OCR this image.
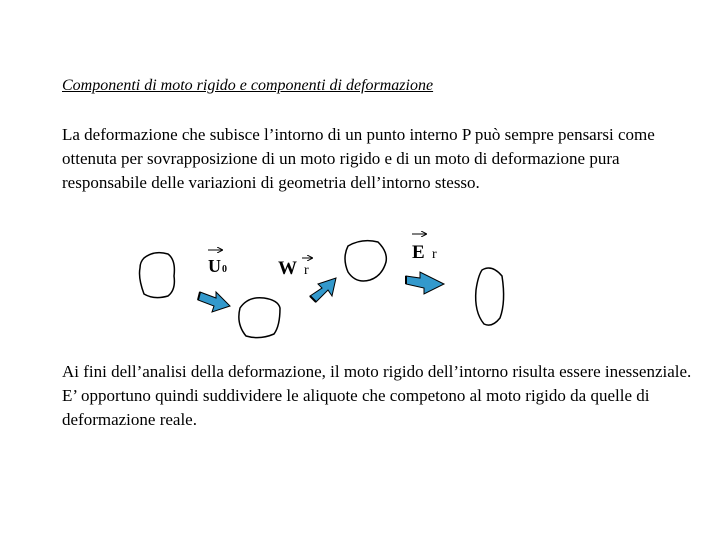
Componenti di moto rigido e componenti di deformazione

La deformazione che subisce l’intorno di un punto interno P può sempre pensarsi come ottenuta per sovrapposizione di un moto rigido e di un moto di deformazione pura responsabile delle variazioni di geometria dell’intorno stesso.

U 0	W r
E r

Ai fini dell’analisi della deformazione, il moto rigido dell’intorno risulta essere inessenziale. E’ opportuno quindi suddividere le aliquote che competono al moto rigido da quelle di deformazione reale.
